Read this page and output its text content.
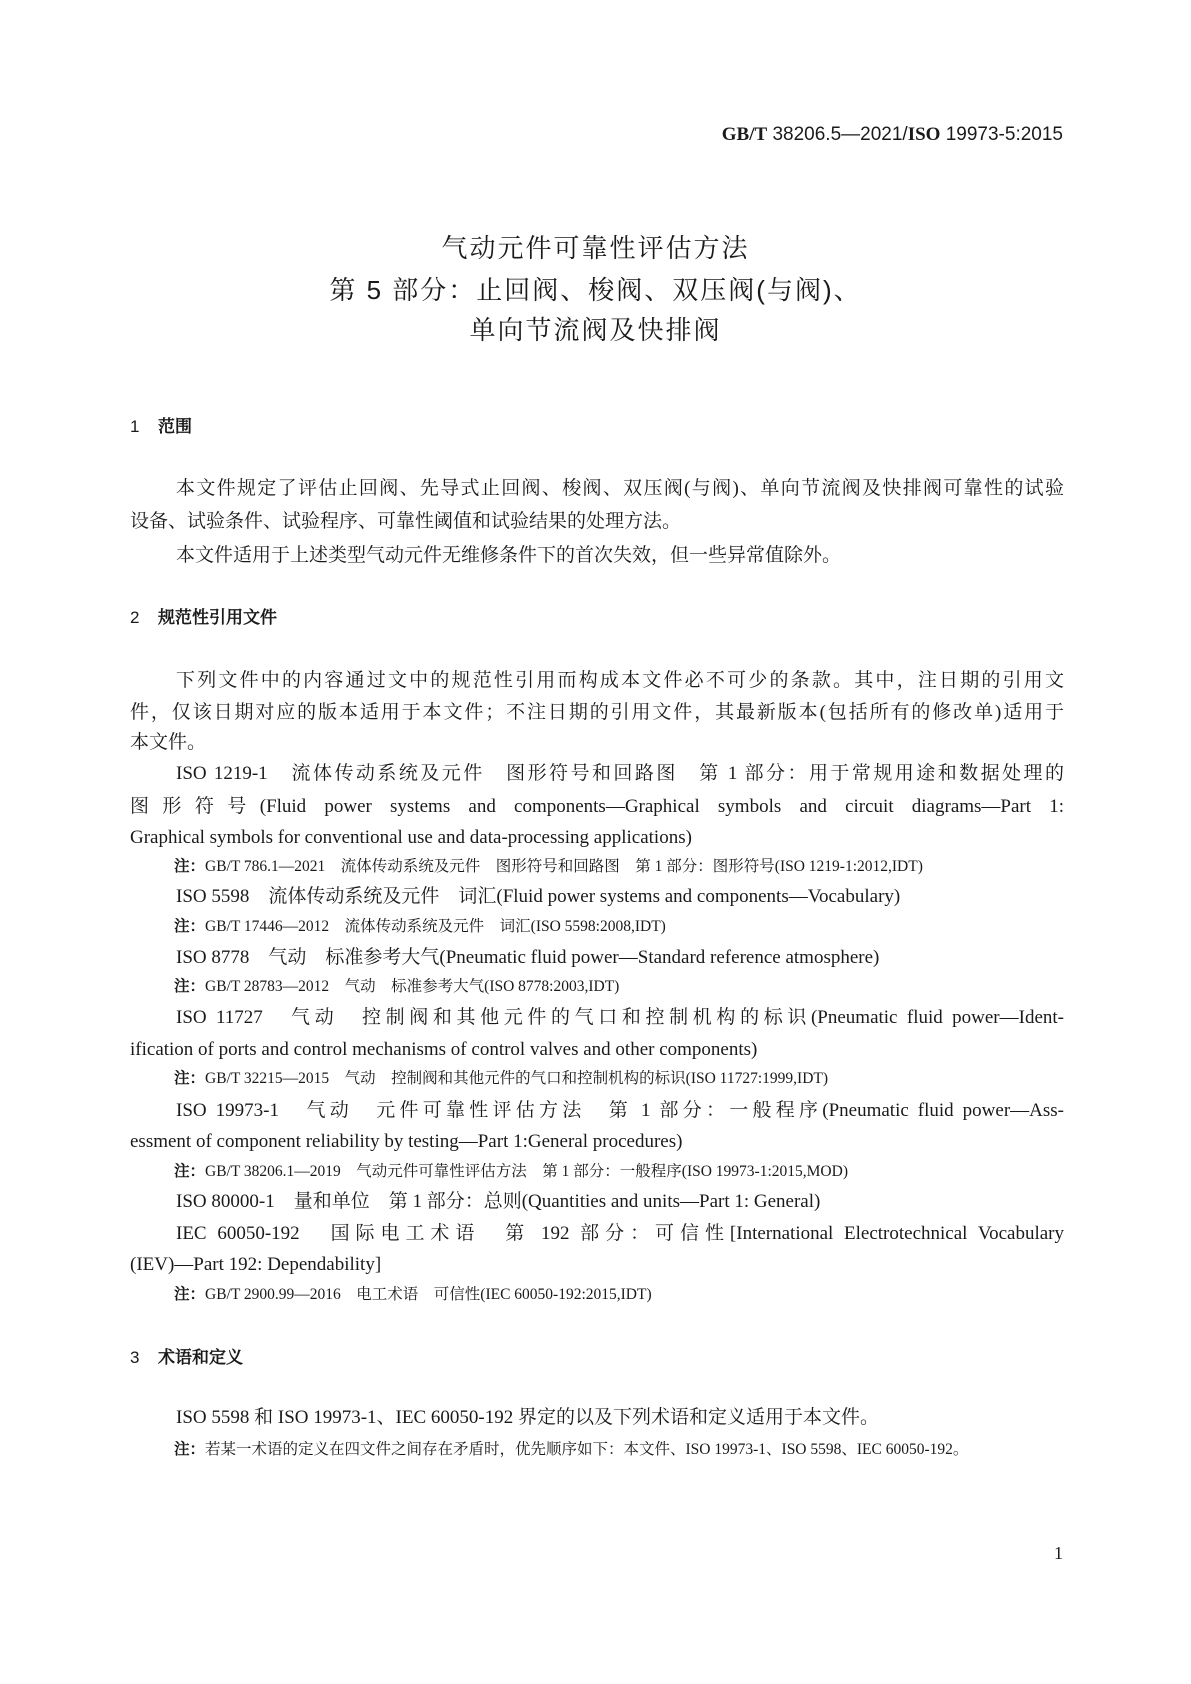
GB/T 38206.5—2021/ISO 19973-5:2015
气动元件可靠性评估方法
第 5 部分：止回阀、梭阀、双压阀(与阀)、
单向节流阀及快排阀
1 范围
本文件规定了评估止回阀、先导式止回阀、梭阀、双压阀(与阀)、单向节流阀及快排阀可靠性的试验
设备、试验条件、试验程序、可靠性阈值和试验结果的处理方法。
本文件适用于上述类型气动元件无维修条件下的首次失效，但一些异常值除外。
2 规范性引用文件
下列文件中的内容通过文中的规范性引用而构成本文件必不可少的条款。其中，注日期的引用文
件，仅该日期对应的版本适用于本文件；不注日期的引用文件，其最新版本(包括所有的修改单)适用于
本文件。
ISO 1219-1　流体传动系统及元件　图形符号和回路图　第 1 部分：用于常规用途和数据处理的
图形符号(Fluid power systems and components—Graphical symbols and circuit diagrams—Part 1:
Graphical symbols for conventional use and data-processing applications)
注：GB/T 786.1—2021　流体传动系统及元件　图形符号和回路图　第 1 部分：图形符号(ISO 1219-1:2012,IDT)
ISO 5598　流体传动系统及元件　词汇(Fluid power systems and components—Vocabulary)
注：GB/T 17446—2012　流体传动系统及元件　词汇(ISO 5598:2008,IDT)
ISO 8778　气动　标准参考大气(Pneumatic fluid power—Standard reference atmosphere)
注：GB/T 28783—2012　气动　标准参考大气(ISO 8778:2003,IDT)
ISO 11727　气动　控制阀和其他元件的气口和控制机构的标识(Pneumatic fluid power—Ident-
ification of ports and control mechanisms of control valves and other components)
注：GB/T 32215—2015　气动　控制阀和其他元件的气口和控制机构的标识(ISO 11727:1999,IDT)
ISO 19973-1　气动　元件可靠性评估方法　第 1 部分：一般程序(Pneumatic fluid power—Ass-
essment of component reliability by testing—Part 1:General procedures)
注：GB/T 38206.1—2019　气动元件可靠性评估方法　第 1 部分：一般程序(ISO 19973-1:2015,MOD)
ISO 80000-1　量和单位　第 1 部分：总则(Quantities and units—Part 1: General)
IEC 60050-192　国际电工术语　第 192 部分：可信性[International Electrotechnical Vocabulary
(IEV)—Part 192: Dependability]
注：GB/T 2900.99—2016　电工术语　可信性(IEC 60050-192:2015,IDT)
3 术语和定义
ISO 5598 和 ISO 19973-1、IEC 60050-192 界定的以及下列术语和定义适用于本文件。
注：若某一术语的定义在四文件之间存在矛盾时，优先顺序如下：本文件、ISO 19973-1、ISO 5598、IEC 60050-192。
1
